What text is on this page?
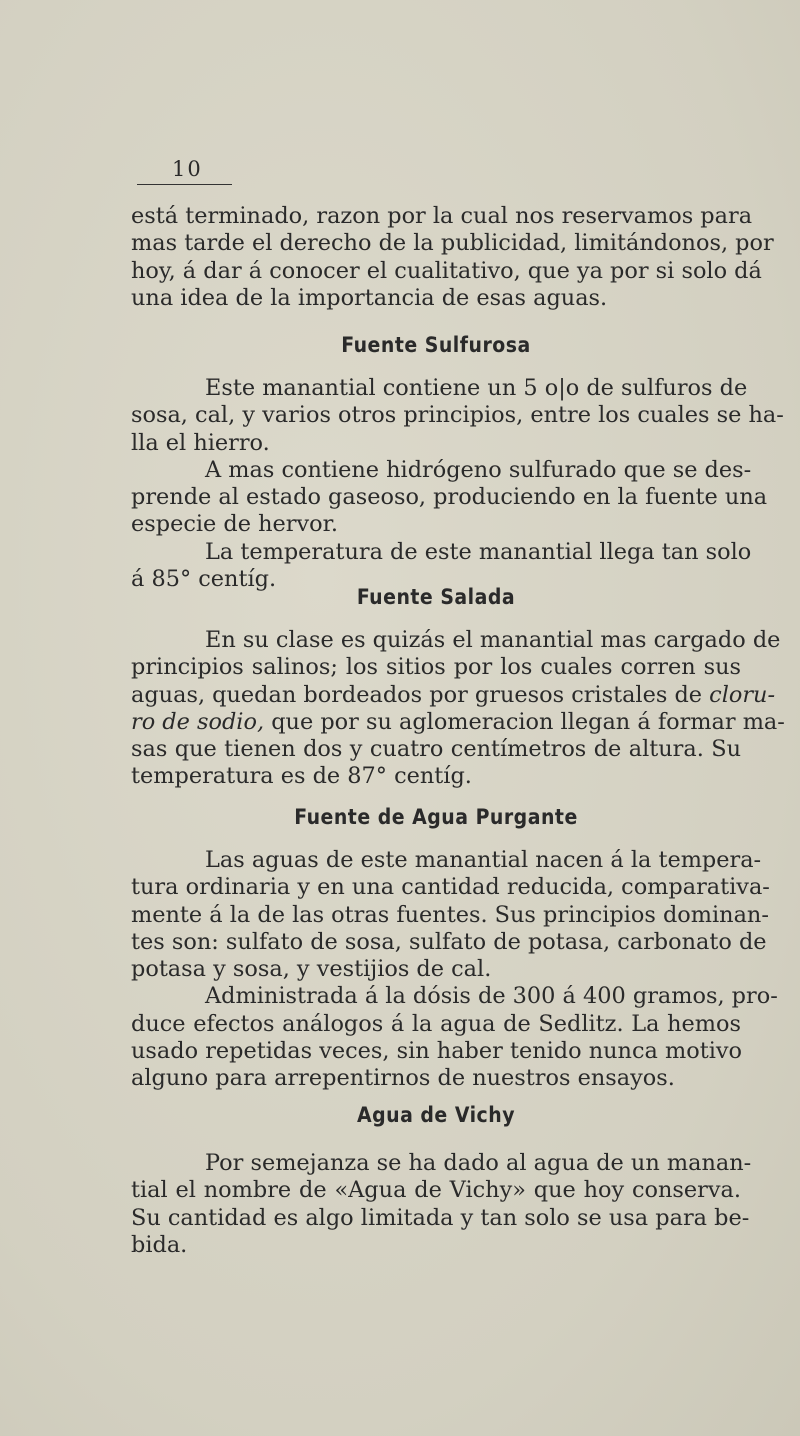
10
está terminado, razon por la cual nos reservamos para
mas tarde el derecho de la publicidad, limitándonos, por
hoy, á dar á conocer el cualitativo, que ya por si solo dá
una idea de la importancia de esas aguas.
Fuente Sulfurosa
Este manantial contiene un 5 o|o de sulfuros de
sosa, cal, y varios otros principios, entre los cuales se ha-
lla el hierro.
A mas contiene hidrógeno sulfurado que se des-
prende al estado gaseoso, produciendo en la fuente una
especie de hervor.
La temperatura de este manantial llega tan solo
á 85° centíg.
Fuente Salada
En su clase es quizás el manantial mas cargado de
principios salinos; los sitios por los cuales corren sus
aguas, quedan bordeados por gruesos cristales de cloru-
ro de sodio, que por su aglomeracion llegan á formar ma-
sas que tienen dos y cuatro centímetros de altura. Su
temperatura es de 87° centíg.
Fuente de Agua Purgante
Las aguas de este manantial nacen á la tempera-
tura ordinaria y en una cantidad reducida, comparativa-
mente á la de las otras fuentes. Sus principios dominan-
tes son: sulfato de sosa, sulfato de potasa, carbonato de
potasa y sosa, y vestijios de cal.
Administrada á la dósis de 300 á 400 gramos, pro-
duce efectos análogos á la agua de Sedlitz. La hemos
usado repetidas veces, sin haber tenido nunca motivo
alguno para arrepentirnos de nuestros ensayos.
Agua de Vichy
Por semejanza se ha dado al agua de un manan-
tial el nombre de «Agua de Vichy» que hoy conserva.
Su cantidad es algo limitada y tan solo se usa para be-
bida.
